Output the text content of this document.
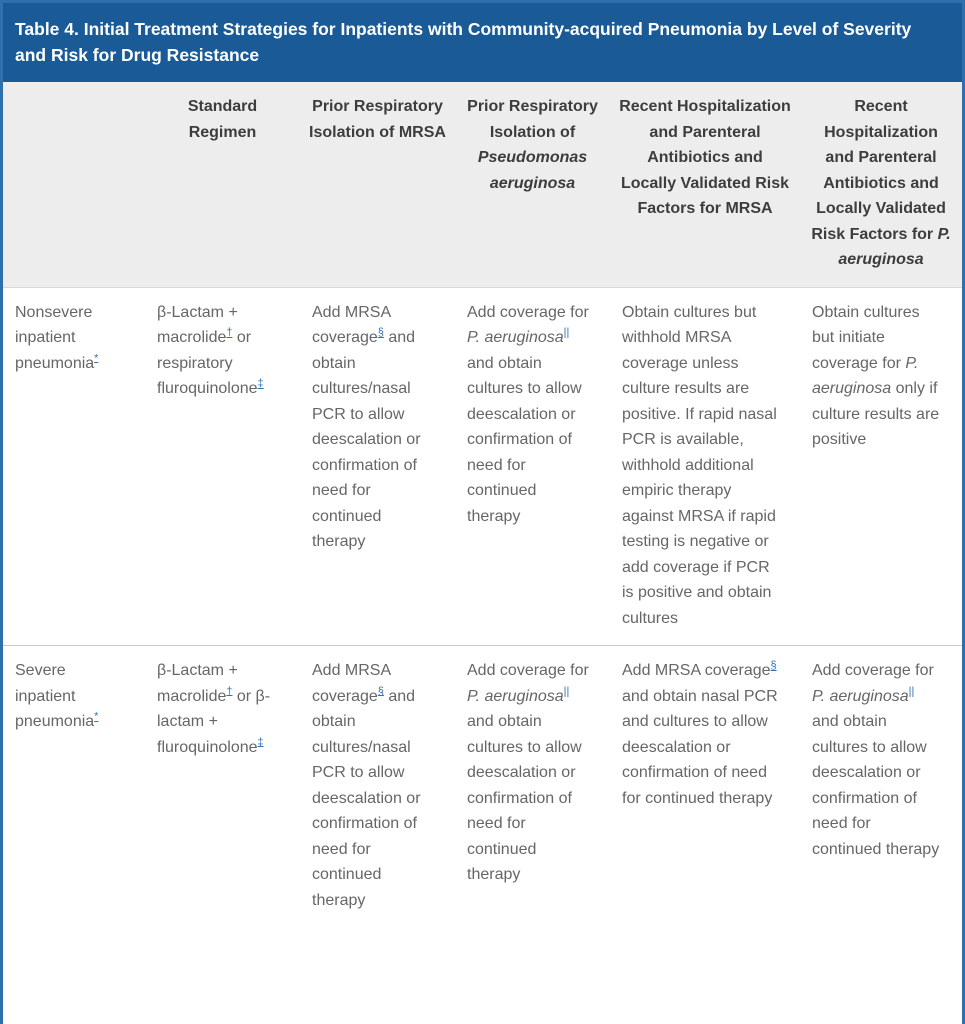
Table 4. Initial Treatment Strategies for Inpatients with Community-acquired Pneumonia by Level of Severity and Risk for Drug Resistance
	Standard Regimen	Prior Respiratory Isolation of MRSA	Prior Respiratory Isolation of Pseudomonas aeruginosa	Recent Hospitalization and Parenteral Antibiotics and Locally Validated Risk Factors for MRSA	Recent Hospitalization and Parenteral Antibiotics and Locally Validated Risk Factors for P. aeruginosa
Nonsevere inpatient pneumonia*	β-Lactam + macrolide† or respiratory fluroquinolone‡	Add MRSA coverage§ and obtain cultures/nasal PCR to allow deescalation or confirmation of need for continued therapy	Add coverage for P. aeruginosa|| and obtain cultures to allow deescalation or confirmation of need for continued therapy	Obtain cultures but withhold MRSA coverage unless culture results are positive. If rapid nasal PCR is available, withhold additional empiric therapy against MRSA if rapid testing is negative or add coverage if PCR is positive and obtain cultures	Obtain cultures but initiate coverage for P. aeruginosa only if culture results are positive
Severe inpatient pneumonia*	β-Lactam + macrolide† or β-lactam + fluroquinolone‡	Add MRSA coverage§ and obtain cultures/nasal PCR to allow deescalation or confirmation of need for continued therapy	Add coverage for P. aeruginosa|| and obtain cultures to allow deescalation or confirmation of need for continued therapy	Add MRSA coverage§ and obtain nasal PCR and cultures to allow deescalation or confirmation of need for continued therapy	Add coverage for P. aeruginosa|| and obtain cultures to allow deescalation or confirmation of need for continued therapy
